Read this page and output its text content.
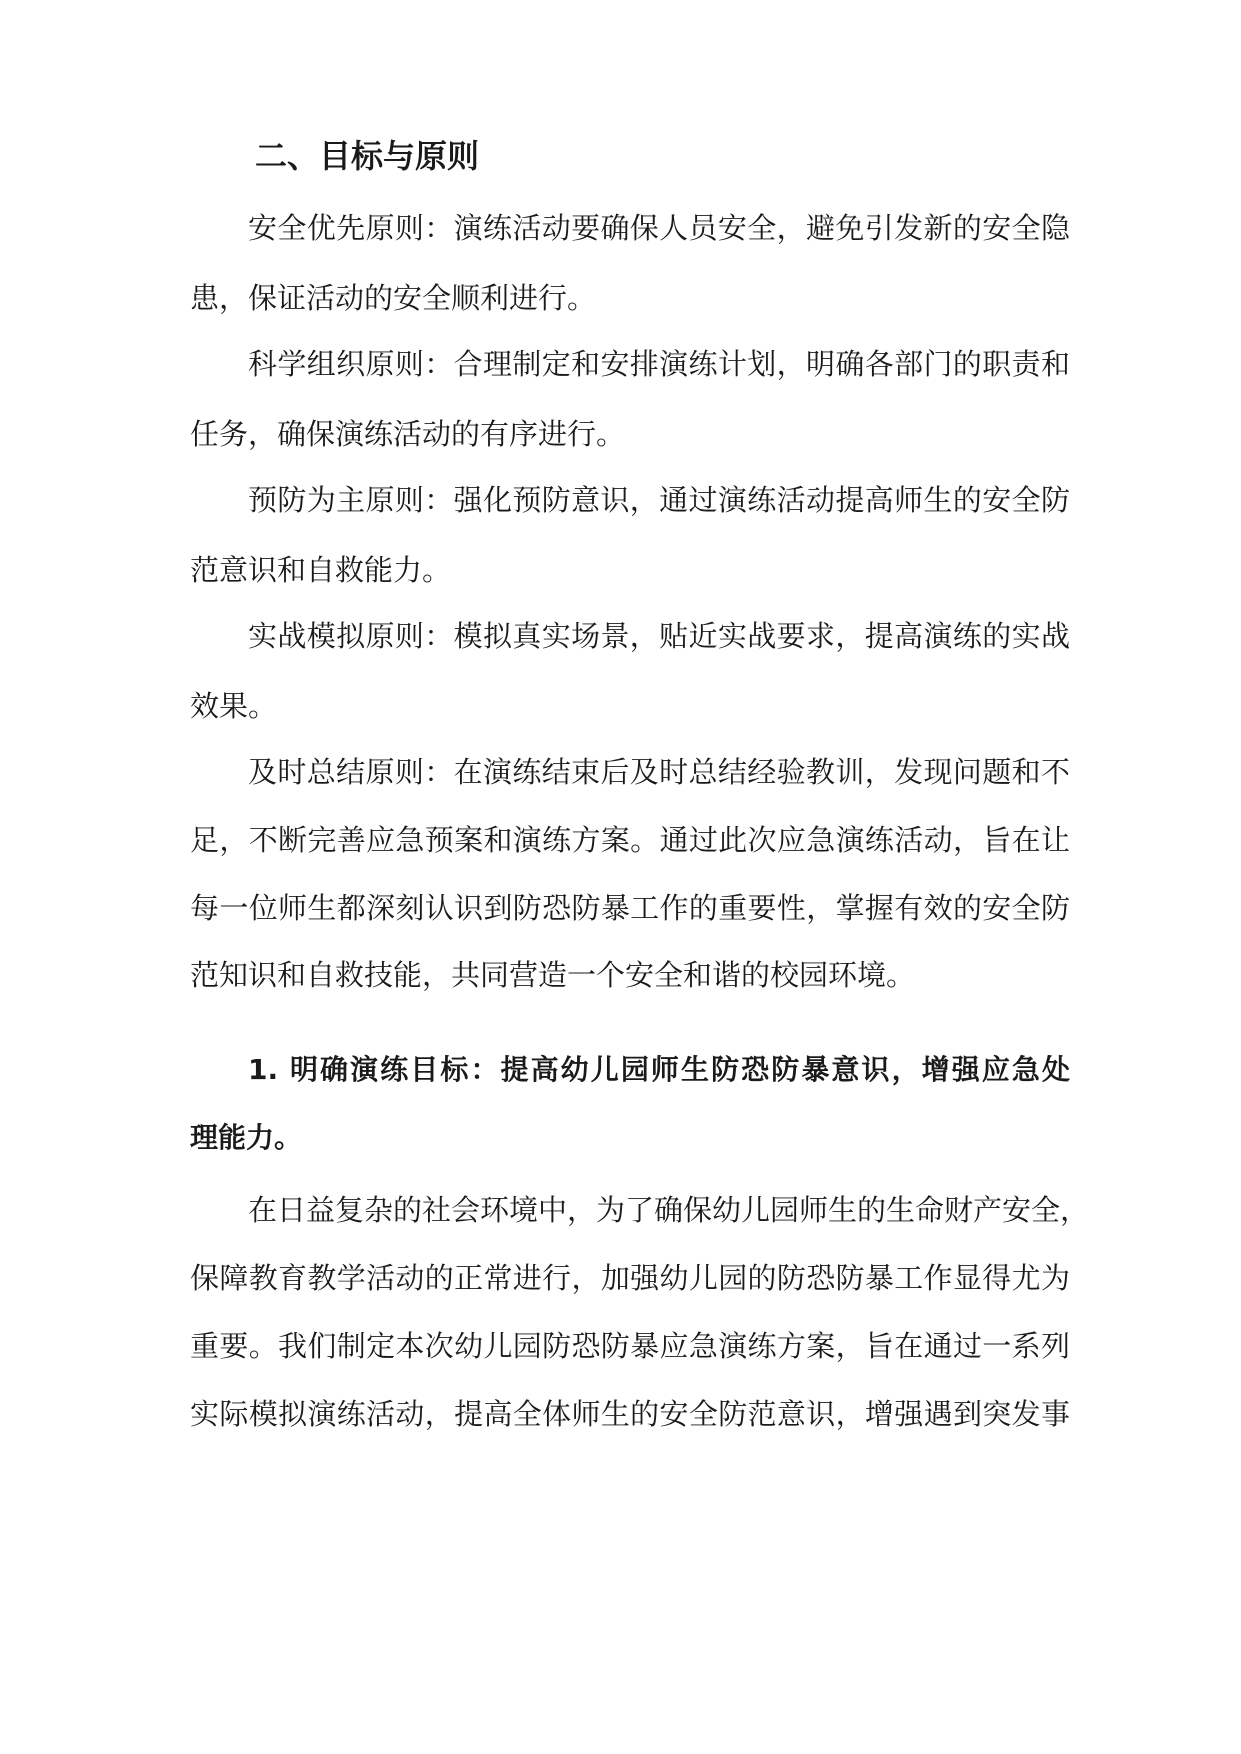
二、目标与原则
安全优先原则：演练活动要确保人员安全，避免引发新的安全隐
患，保证活动的安全顺利进行。
科学组织原则：合理制定和安排演练计划，明确各部门的职责和
任务，确保演练活动的有序进行。
预防为主原则：强化预防意识，通过演练活动提高师生的安全防
范意识和自救能力。
实战模拟原则：模拟真实场景，贴近实战要求，提高演练的实战
效果。
及时总结原则：在演练结束后及时总结经验教训，发现问题和不
足，不断完善应急预案和演练方案。通过此次应急演练活动，旨在让
每一位师生都深刻认识到防恐防暴工作的重要性，掌握有效的安全防
范知识和自救技能，共同营造一个安全和谐的校园环境。
1. 明确演练目标：提高幼儿园师生防恐防暴意识，增强应急处
理能力。
在日益复杂的社会环境中，为了确保幼儿园师生的生命财产安全，
保障教育教学活动的正常进行，加强幼儿园的防恐防暴工作显得尤为
重要。我们制定本次幼儿园防恐防暴应急演练方案，旨在通过一系列
实际模拟演练活动，提高全体师生的安全防范意识，增强遇到突发事
